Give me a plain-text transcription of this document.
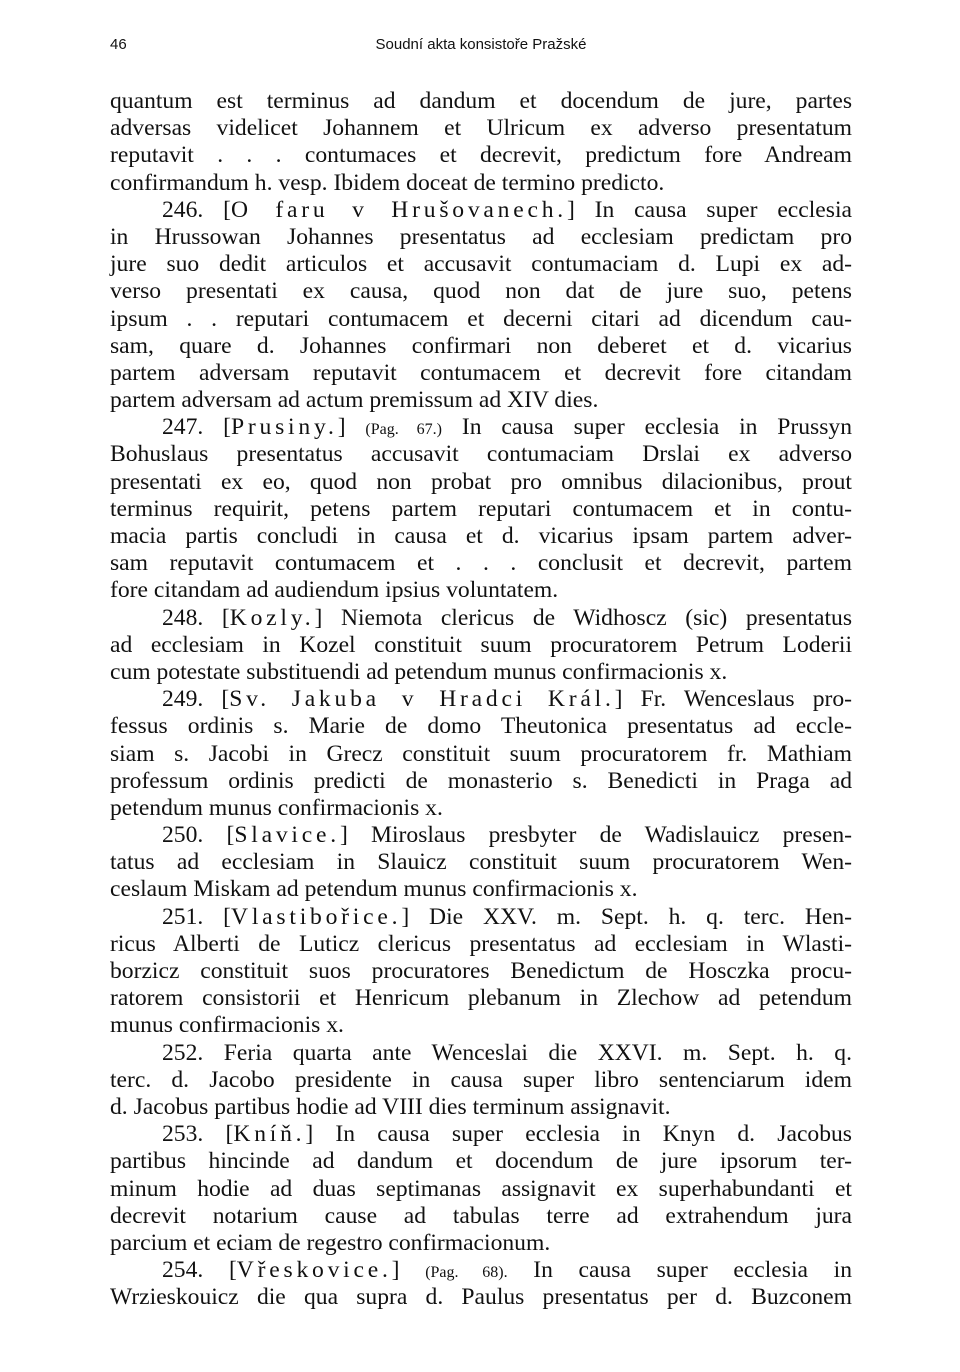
46	Soudní akta konsistoře Pražské
quantum est terminus ad dandum et docendum de jure, partes
adversas videlicet Johannem et Ulricum ex adverso presentatum
reputavit . . . contumaces et decrevit, predictum fore Andream
confirmandum h. vesp. Ibidem doceat de termino predicto.
246. [O faru v Hrušovanech.] In causa super ecclesia
in Hrussowan Johannes presentatus ad ecclesiam predictam pro
jure suo dedit articulos et accusavit contumaciam d. Lupi ex ad-
verso presentati ex causa, quod non dat de jure suo, petens
ipsum . . reputari contumacem et decerni citari ad dicendum cau-
sam, quare d. Johannes confirmari non deberet et d. vicarius
partem adversam reputavit contumacem et decrevit fore citandam
partem adversam ad actum premissum ad XIV dies.
247. [Prusiny.] (Pag. 67.) In causa super ecclesia in Prussyn
Bohuslaus presentatus accusavit contumaciam Drslai ex adverso
presentati ex eo, quod non probat pro omnibus dilacionibus, prout
terminus requirit, petens partem reputari contumacem et in contu-
macia partis concludi in causa et d. vicarius ipsam partem adver-
sam reputavit contumacem et . . . conclusit et decrevit, partem
fore citandam ad audiendum ipsius voluntatem.
248. [Kozly.] Niemota clericus de Widhoscz (sic) presentatus
ad ecclesiam in Kozel constituit suum procuratorem Petrum Loderii
cum potestate substituendi ad petendum munus confirmacionis x.
249. [Sv. Jakuba v Hradci Král.] Fr. Wenceslaus pro-
fessus ordinis s. Marie de domo Theutonica presentatus ad eccle-
siam s. Jacobi in Grecz constituit suum procuratorem fr. Mathiam
professum ordinis predicti de monasterio s. Benedicti in Praga ad
petendum munus confirmacionis x.
250. [Slavice.] Miroslaus presbyter de Wadislauicz presen-
tatus ad ecclesiam in Slauicz constituit suum procuratorem Wen-
ceslaum Miskam ad petendum munus confirmacionis x.
251. [Vlastibořice.] Die XXV. m. Sept. h. q. terc. Hen-
ricus Alberti de Luticz clericus presentatus ad ecclesiam in Wlasti-
borzicz constituit suos procuratores Benedictum de Hosczka procu-
ratorem consistorii et Henricum plebanum in Zlechow ad petendum
munus confirmacionis x.
252. Feria quarta ante Wenceslai die XXVI. m. Sept. h. q.
terc. d. Jacobo presidente in causa super libro sentenciarum idem
d. Jacobus partibus hodie ad VIII dies terminum assignavit.
253. [Kníň.] In causa super ecclesia in Knyn d. Jacobus
partibus hincinde ad dandum et docendum de jure ipsorum ter-
minum hodie ad duas septimanas assignavit ex superhabundanti et
decrevit notarium cause ad tabulas terre ad extrahendum jura
parcium et eciam de regestro confirmacionum.
254. [Vřeskovice.] (Pag. 68). In causa super ecclesia in
Wrzieskouicz die qua supra d. Paulus presentatus per d. Buzconem
